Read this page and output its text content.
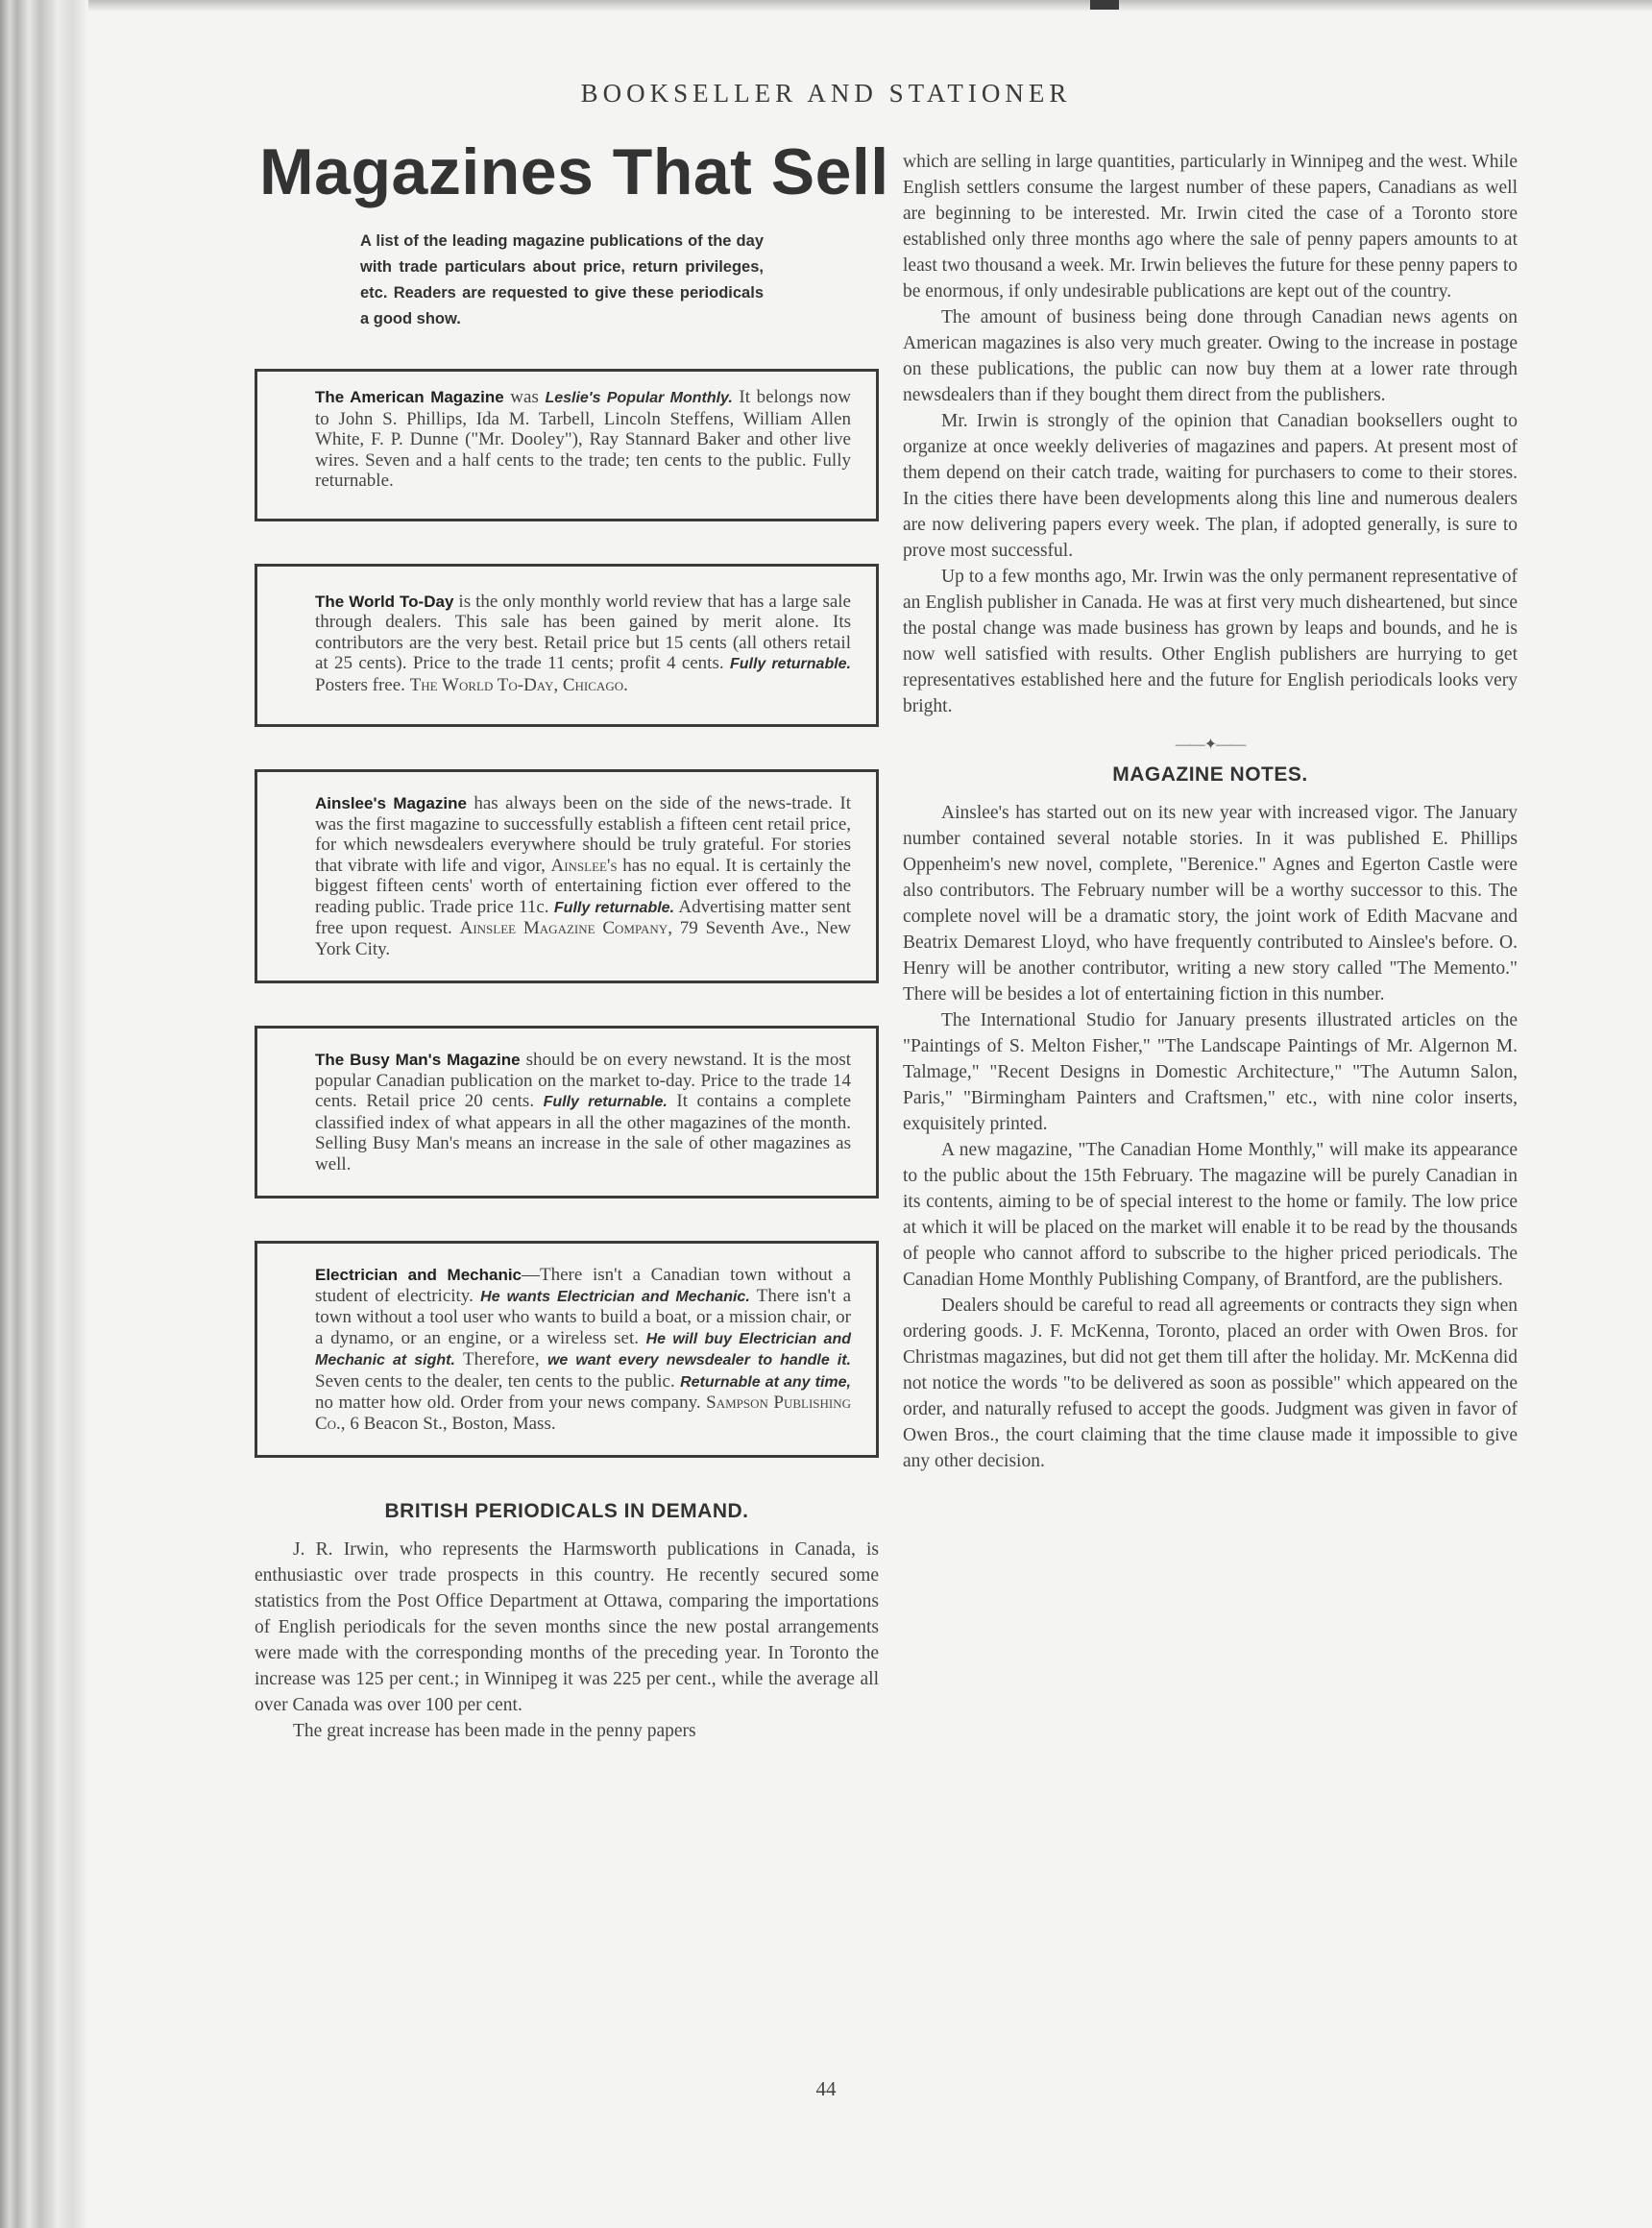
BOOKSELLER AND STATIONER
Magazines That Sell
A list of the leading magazine publications of the day with trade particulars about price, return privileges, etc. Readers are requested to give these periodicals a good show.
The American Magazine was Leslie's Popular Monthly. It belongs now to John S. Phillips, Ida M. Tarbell, Lincoln Steffens, William Allen White, F. P. Dunne ("Mr. Dooley"), Ray Stannard Baker and other live wires. Seven and a half cents to the trade; ten cents to the public. Fully returnable.
The World To-Day is the only monthly world review that has a large sale through dealers. This sale has been gained by merit alone. Its contributors are the very best. Retail price but 15 cents (all others retail at 25 cents). Price to the trade 11 cents; profit 4 cents. Fully returnable. Posters free. The World To-Day, Chicago.
Ainslee's Magazine has always been on the side of the news-trade. It was the first magazine to successfully establish a fifteen cent retail price, for which newsdealers everywhere should be truly grateful. For stories that vibrate with life and vigor, Ainslee's has no equal. It is certainly the biggest fifteen cents' worth of entertaining fiction ever offered to the reading public. Trade price 11c. Fully returnable. Advertising matter sent free upon request. Ainslee Magazine Company, 79 Seventh Ave., New York City.
The Busy Man's Magazine should be on every newstand. It is the most popular Canadian publication on the market to-day. Price to the trade 14 cents. Retail price 20 cents. Fully returnable. It contains a complete classified index of what appears in all the other magazines of the month. Selling Busy Man's means an increase in the sale of other magazines as well.
Electrician and Mechanic—There isn't a Canadian town without a student of electricity. He wants Electrician and Mechanic. There isn't a town without a tool user who wants to build a boat, or a mission chair, or a dynamo, or an engine, or a wireless set. He will buy Electrician and Mechanic at sight. Therefore, we want every newsdealer to handle it. Seven cents to the dealer, ten cents to the public. Returnable at any time, no matter how old. Order from your news company. Sampson Publishing Co., 6 Beacon St., Boston, Mass.
BRITISH PERIODICALS IN DEMAND.

J. R. Irwin, who represents the Harmsworth publications in Canada, is enthusiastic over trade prospects in this country. He recently secured some statistics from the Post Office Department at Ottawa, comparing the importations of English periodicals for the seven months since the new postal arrangements were made with the corresponding months of the preceding year. In Toronto the increase was 125 per cent.; in Winnipeg it was 225 per cent., while the average all over Canada was over 100 per cent.

The great increase has been made in the penny papers

which are selling in large quantities, particularly in Winnipeg and the west. While English settlers consume the largest number of these papers, Canadians as well are beginning to be interested. Mr. Irwin cited the case of a Toronto store established only three months ago where the sale of penny papers amounts to at least two thousand a week. Mr. Irwin believes the future for these penny papers to be enormous, if only undesirable publications are kept out of the country.

The amount of business being done through Canadian news agents on American magazines is also very much greater. Owing to the increase in postage on these publications, the public can now buy them at a lower rate through newsdealers than if they bought them direct from the publishers.

Mr. Irwin is strongly of the opinion that Canadian booksellers ought to organize at once weekly deliveries of magazines and papers. At present most of them depend on their catch trade, waiting for purchasers to come to their stores. In the cities there have been developments along this line and numerous dealers are now delivering papers every week. The plan, if adopted generally, is sure to prove most successful.

Up to a few months ago, Mr. Irwin was the only permanent representative of an English publisher in Canada. He was at first very much disheartened, but since the postal change was made business has grown by leaps and bounds, and he is now well satisfied with results. Other English publishers are hurrying to get representatives established here and the future for English periodicals looks very bright.

——✦——
MAGAZINE NOTES.

Ainslee's has started out on its new year with increased vigor. The January number contained several notable stories. In it was published E. Phillips Oppenheim's new novel, complete, "Berenice." Agnes and Egerton Castle were also contributors. The February number will be a worthy successor to this. The complete novel will be a dramatic story, the joint work of Edith Macvane and Beatrix Demarest Lloyd, who have frequently contributed to Ainslee's before. O. Henry will be another contributor, writing a new story called "The Memento." There will be besides a lot of entertaining fiction in this number.

The International Studio for January presents illustrated articles on the "Paintings of S. Melton Fisher," "The Landscape Paintings of Mr. Algernon M. Talmage," "Recent Designs in Domestic Architecture," "The Autumn Salon, Paris," "Birmingham Painters and Craftsmen," etc., with nine color inserts, exquisitely printed.

A new magazine, "The Canadian Home Monthly," will make its appearance to the public about the 15th February. The magazine will be purely Canadian in its contents, aiming to be of special interest to the home or family. The low price at which it will be placed on the market will enable it to be read by the thousands of people who cannot afford to subscribe to the higher priced periodicals. The Canadian Home Monthly Publishing Company, of Brantford, are the publishers.

Dealers should be careful to read all agreements or contracts they sign when ordering goods. J. F. McKenna, Toronto, placed an order with Owen Bros. for Christmas magazines, but did not get them till after the holiday. Mr. McKenna did not notice the words "to be delivered as soon as possible" which appeared on the order, and naturally refused to accept the goods. Judgment was given in favor of Owen Bros., the court claiming that the time clause made it impossible to give any other decision.

44
